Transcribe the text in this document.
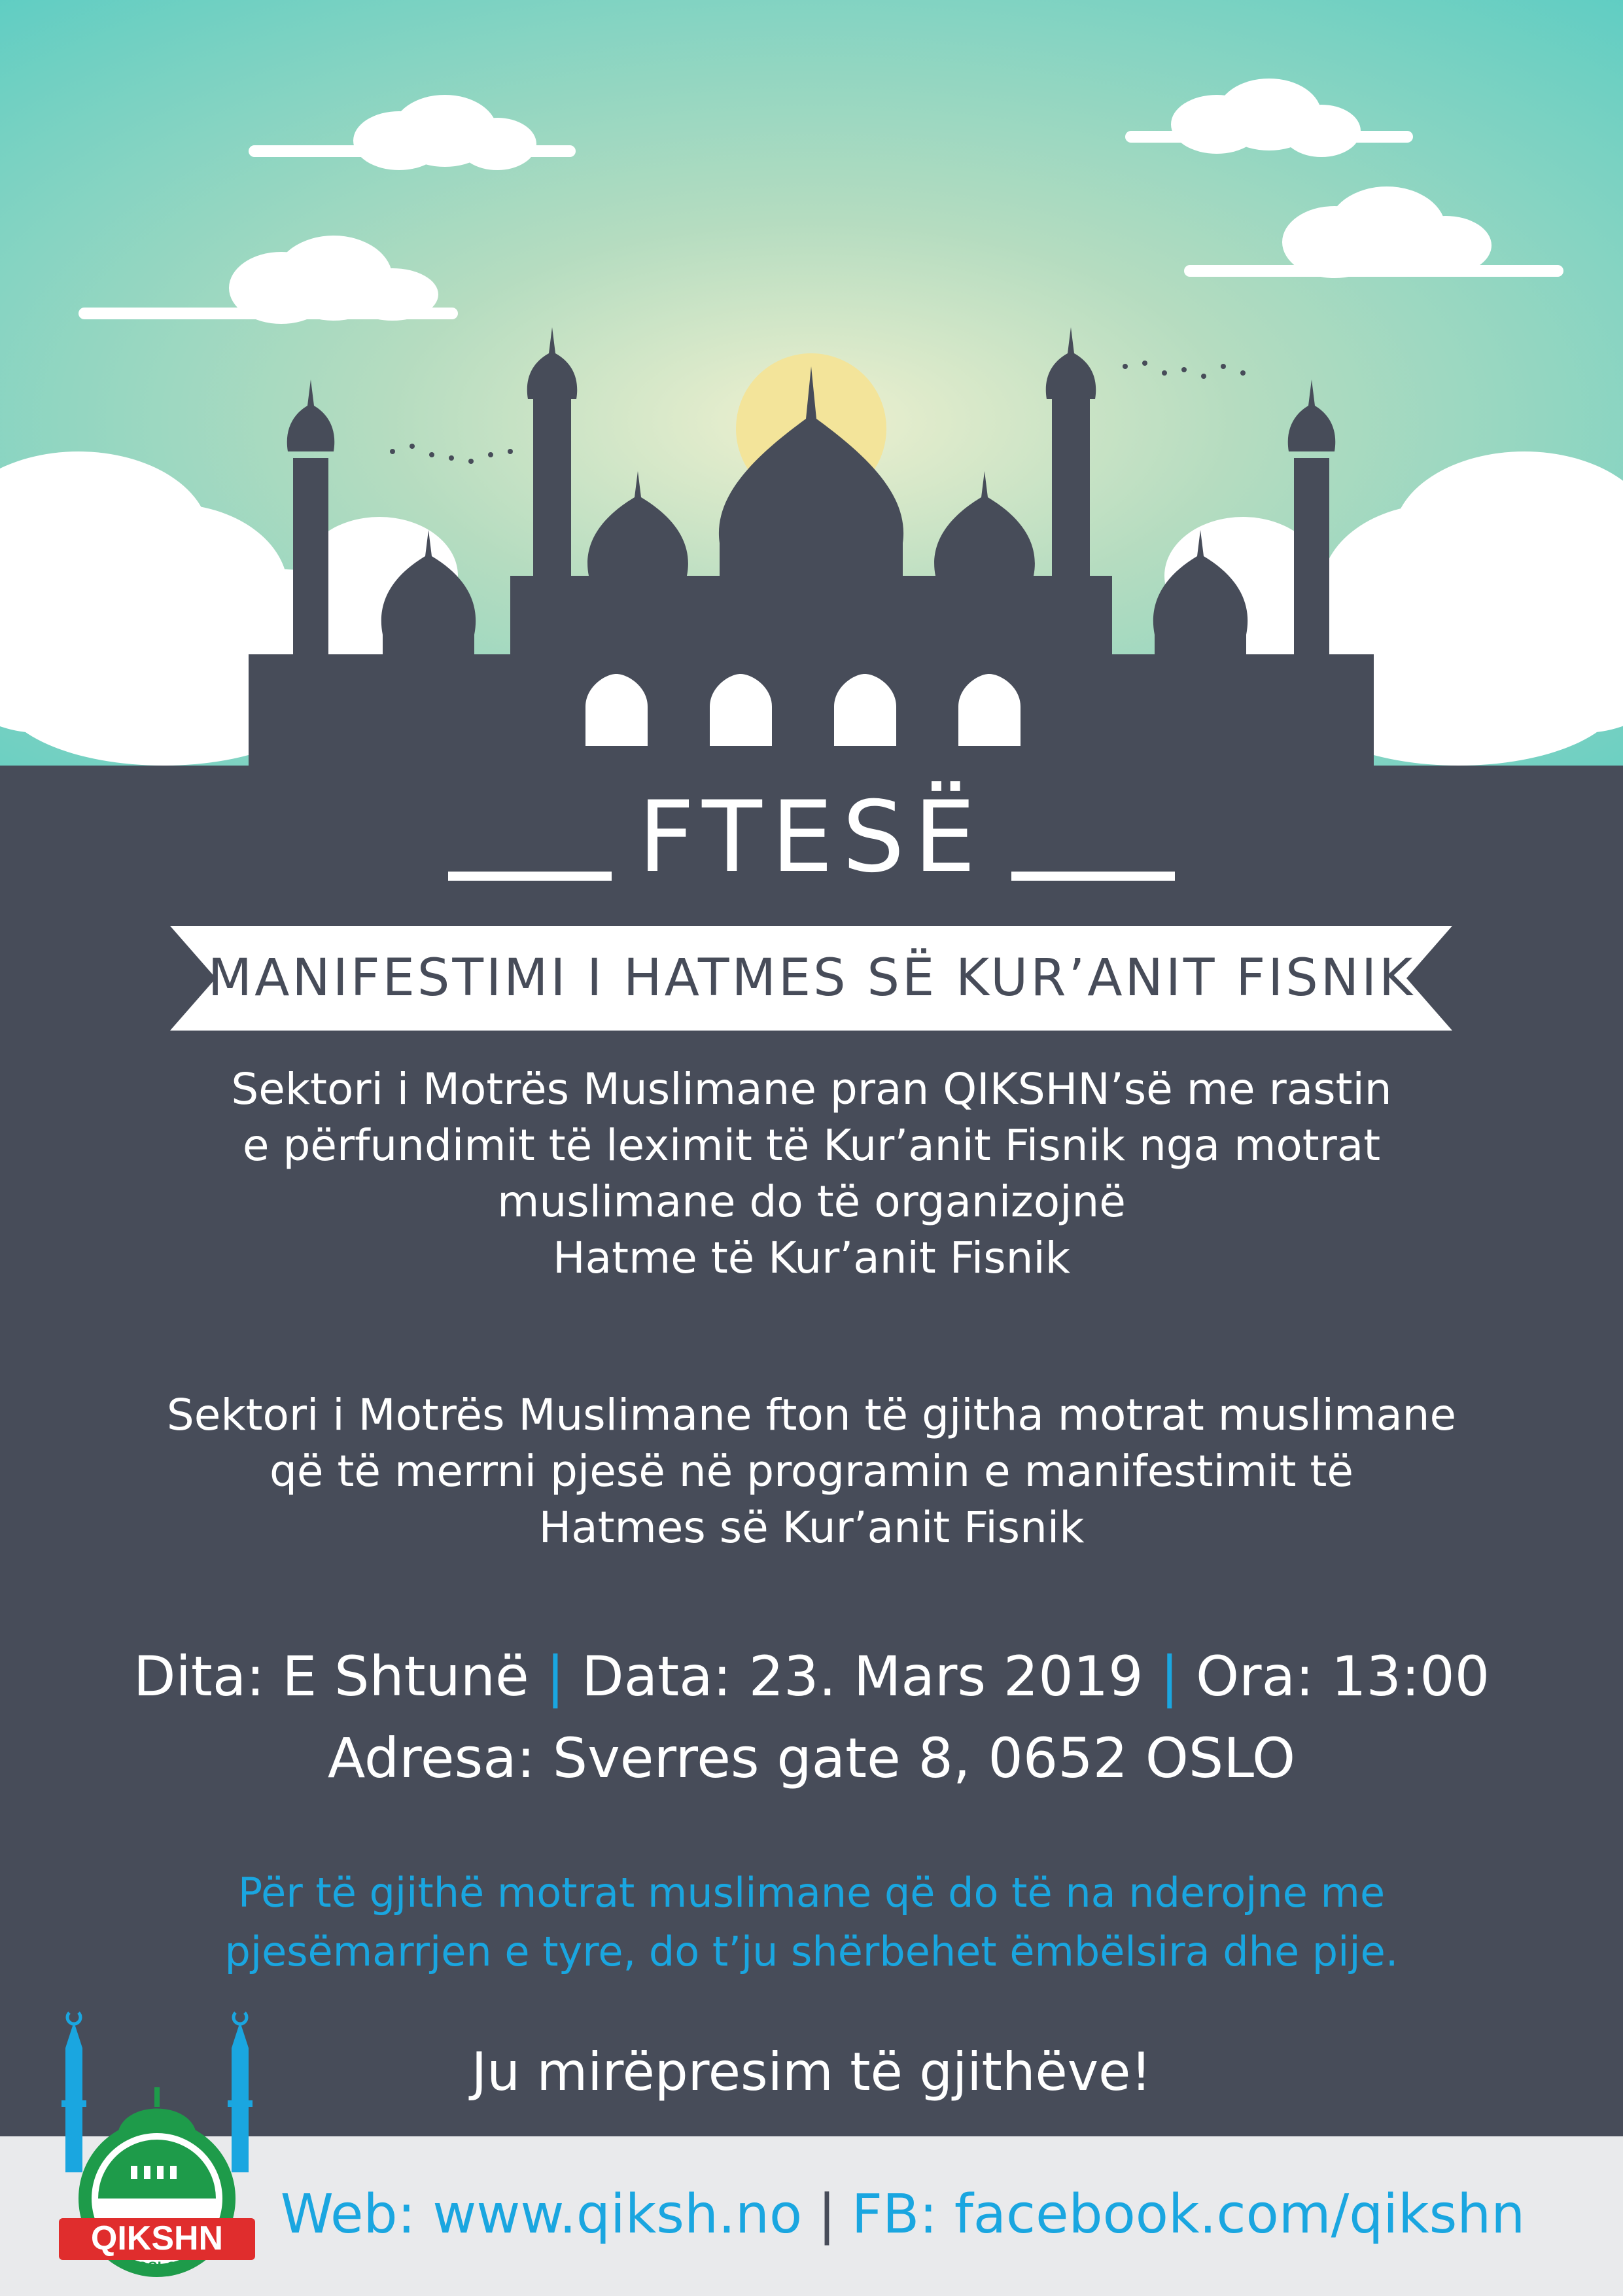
FTESË
MANIFESTIMI I HATMES SË KUR’ANIT FISNIK
Sektori i Motrës Muslimane pran QIKSHN’së me rastin
e përfundimit të leximit të Kur’anit Fisnik nga motrat
muslimane do të organizojnë
Hatme të Kur’anit Fisnik
Sektori i Motrës Muslimane fton të gjitha motrat muslimane
që të merrni pjesë në programin e manifestimit të
Hatmes së Kur’anit Fisnik
Dita: E Shtunë | Data: 23. Mars 2019 | Ora: 13:00
Adresa: Sverres gate 8, 0652 OSLO
Për të gjithë motrat muslimane që do të na nderojne me
pjesëmarrjen e tyre, do t’ju shërbehet ëmbëlsira dhe pije.
Ju mirëpresim të gjithëve!
Web: www.qiksh.no | FB: facebook.com/qikshn
QIKSHN
OSLO
